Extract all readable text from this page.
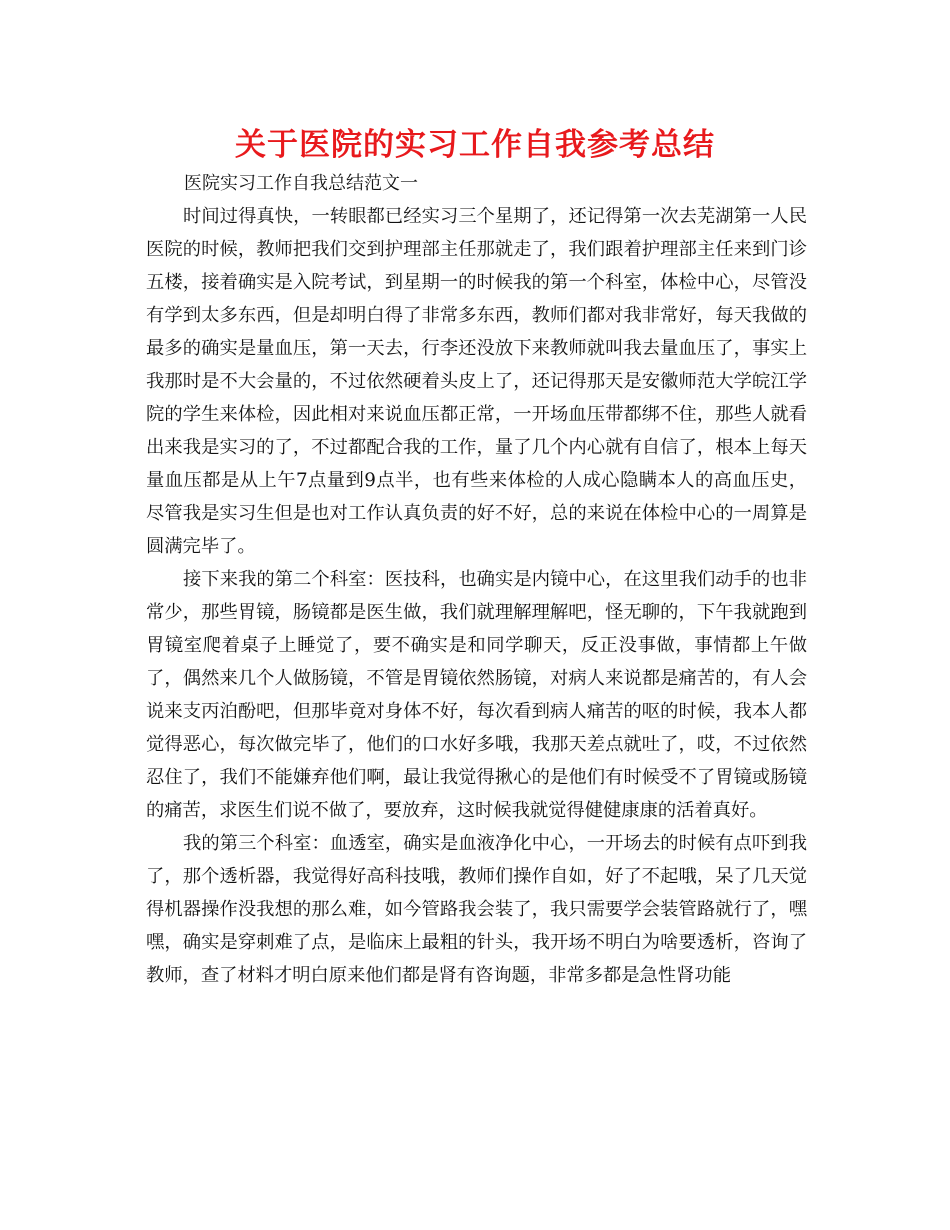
关于医院的实习工作自我参考总结

医院实习工作自我总结范文一

时间过得真快，一转眼都已经实习三个星期了，还记得第一次去芜湖第一人民医院的时候，教师把我们交到护理部主任那就走了，我们跟着护理部主任来到门诊五楼，接着确实是入院考试，到星期一的时候我的第一个科室，体检中心，尽管没有学到太多东西，但是却明白得了非常多东西，教师们都对我非常好，每天我做的最多的确实是量血压，第一天去，行李还没放下来教师就叫我去量血压了，事实上我那时是不大会量的，不过依然硬着头皮上了，还记得那天是安徽师范大学皖江学院的学生来体检，因此相对来说血压都正常，一开场血压带都绑不住，那些人就看出来我是实习的了，不过都配合我的工作，量了几个内心就有自信了，根本上每天量血压都是从上午7点量到9点半，也有些来体检的人成心隐瞒本人的高血压史，尽管我是实习生但是也对工作认真负责的好不好，总的来说在体检中心的一周算是圆满完毕了。

接下来我的第二个科室：医技科，也确实是内镜中心，在这里我们动手的也非常少，那些胃镜，肠镜都是医生做，我们就理解理解吧，怪无聊的，下午我就跑到胃镜室爬着桌子上睡觉了，要不确实是和同学聊天，反正没事做，事情都上午做了，偶然来几个人做肠镜，不管是胃镜依然肠镜，对病人来说都是痛苦的，有人会说来支丙泊酚吧，但那毕竟对身体不好，每次看到病人痛苦的呕的时候，我本人都觉得恶心，每次做完毕了，他们的口水好多哦，我那天差点就吐了，哎，不过依然忍住了，我们不能嫌弃他们啊，最让我觉得揪心的是他们有时候受不了胃镜或肠镜的痛苦，求医生们说不做了，要放弃，这时候我就觉得健健康康的活着真好。

我的第三个科室：血透室，确实是血液净化中心，一开场去的时候有点吓到我了，那个透析器，我觉得好高科技哦，教师们操作自如，好了不起哦，呆了几天觉得机器操作没我想的那么难，如今管路我会装了，我只需要学会装管路就行了，嘿嘿，确实是穿刺难了点，是临床上最粗的针头，我开场不明白为啥要透析，咨询了教师，查了材料才明白原来他们都是肾有咨询题，非常多都是急性肾功能
